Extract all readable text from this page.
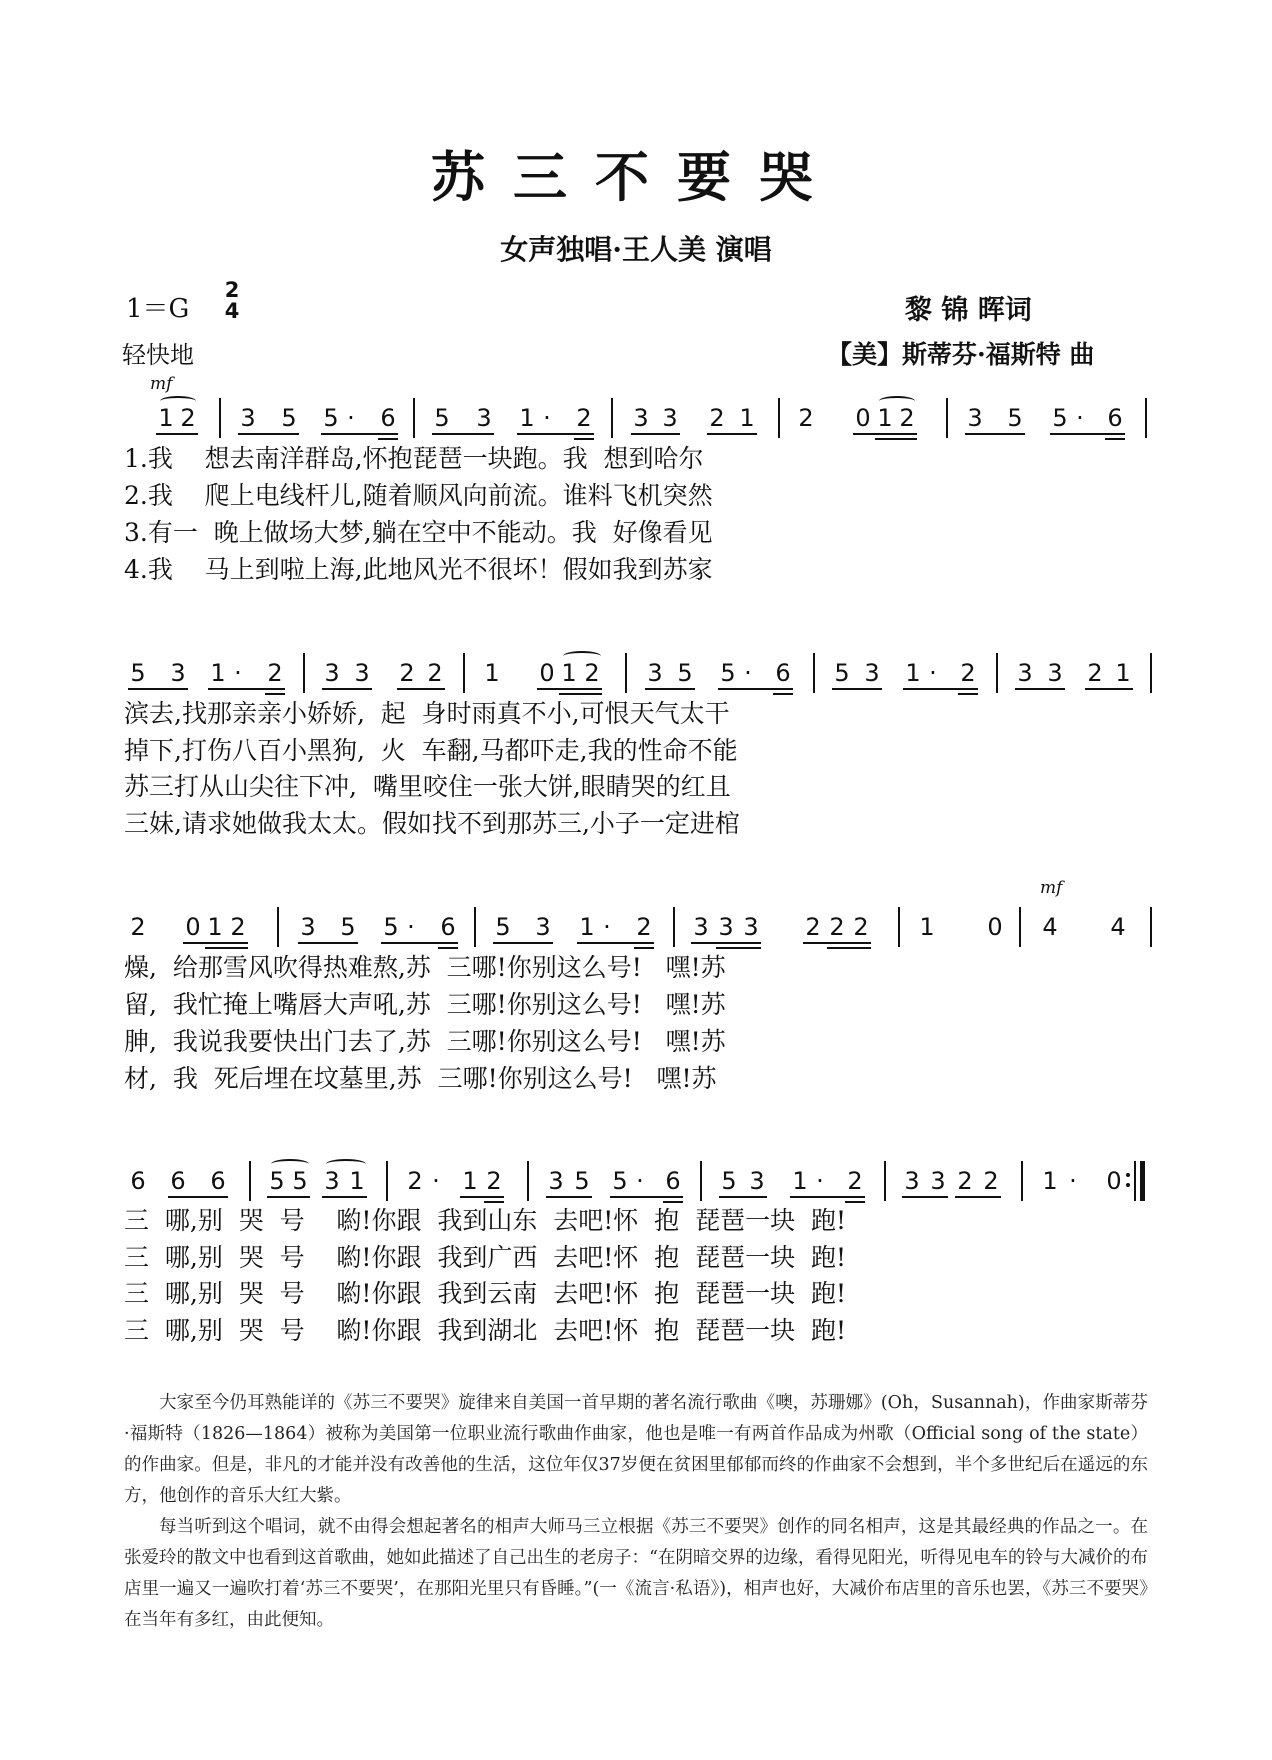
苏三不要哭
女声独唱·王人美 演唱
1＝G
2
4
轻快地
黎 锦 晖词
【美】斯蒂芬·福斯特 曲
mf
mf
1 2 3 5 5 · 6 5 3 1 · 2 3 3 2 1 2 0 1 2 3 5 5 · 6
1.我    想去南洋群岛,怀抱琵琶一块跑。我  想到哈尔
2.我    爬上电线杆儿,随着顺风向前流。谁料飞机突然
3.有一  晚上做场大梦,躺在空中不能动。我  好像看见
4.我    马上到啦上海,此地风光不很坏！假如我到苏家
5 3 1 · 2 3 3 2 2 1 0 1 2 3 5 5 · 6 5 3 1 · 2 3 3 2 1
滨去,找那亲亲小娇娇,  起  身时雨真不小,可恨天气太干
掉下,打伤八百小黑狗,  火  车翻,马都吓走,我的性命不能
苏三打从山尖往下冲,  嘴里咬住一张大饼,眼睛哭的红且
三妹,请求她做我太太。假如找不到那苏三,小子一定进棺
2 0 1 2 3 5 5 · 6 5 3 1 · 2 3 3 3 2 2 2 1 0 4 4
燥,  给那雪风吹得热难熬,苏  三哪!你别这么号!   嘿!苏
留,  我忙掩上嘴唇大声吼,苏  三哪!你别这么号!   嘿!苏
胂,  我说我要快出门去了,苏  三哪!你别这么号!   嘿!苏
材,  我  死后埋在坟墓里,苏  三哪!你别这么号!   嘿!苏
6 6 6 5 5 3 1 2 · 1 2 3 5 5 · 6 5 3 1 · 2 3 3 2 2 1 · 0
三  哪,别  哭  号    喲!你跟  我到山东  去吧!怀  抱  琵琶一块  跑!
三  哪,别  哭  号    喲!你跟  我到广西  去吧!怀  抱  琵琶一块  跑!
三  哪,别  哭  号    喲!你跟  我到云南  去吧!怀  抱  琵琶一块  跑!
三  哪,别  哭  号    喲!你跟  我到湖北  去吧!怀  抱  琵琶一块  跑!

大家至今仍耳熟能详的《苏三不要哭》旋律来自美国一首早期的著名流行歌曲《噢，苏珊娜》(Oh，Susannah)，作曲家斯蒂芬·福斯特（1826—1864）被称为美国第一位职业流行歌曲作曲家，他也是唯一有两首作品成为州歌（Official song of the state）的作曲家。但是，非凡的才能并没有改善他的生活，这位年仅37岁便在贫困里郁郁而终的作曲家不会想到，半个多世纪后在遥远的东方，他创作的音乐大红大紫。

每当听到这个唱词，就不由得会想起著名的相声大师马三立根据《苏三不要哭》创作的同名相声，这是其最经典的作品之一。在张爱玲的散文中也看到这首歌曲，她如此描述了自己出生的老房子：“在阴暗交界的边缘，看得见阳光，听得见电车的铃与大减价的布店里一遍又一遍吹打着‘苏三不要哭’，在那阳光里只有昏睡。”(一《流言·私语》)，相声也好，大减价布店里的音乐也罢，《苏三不要哭》在当年有多红，由此便知。
